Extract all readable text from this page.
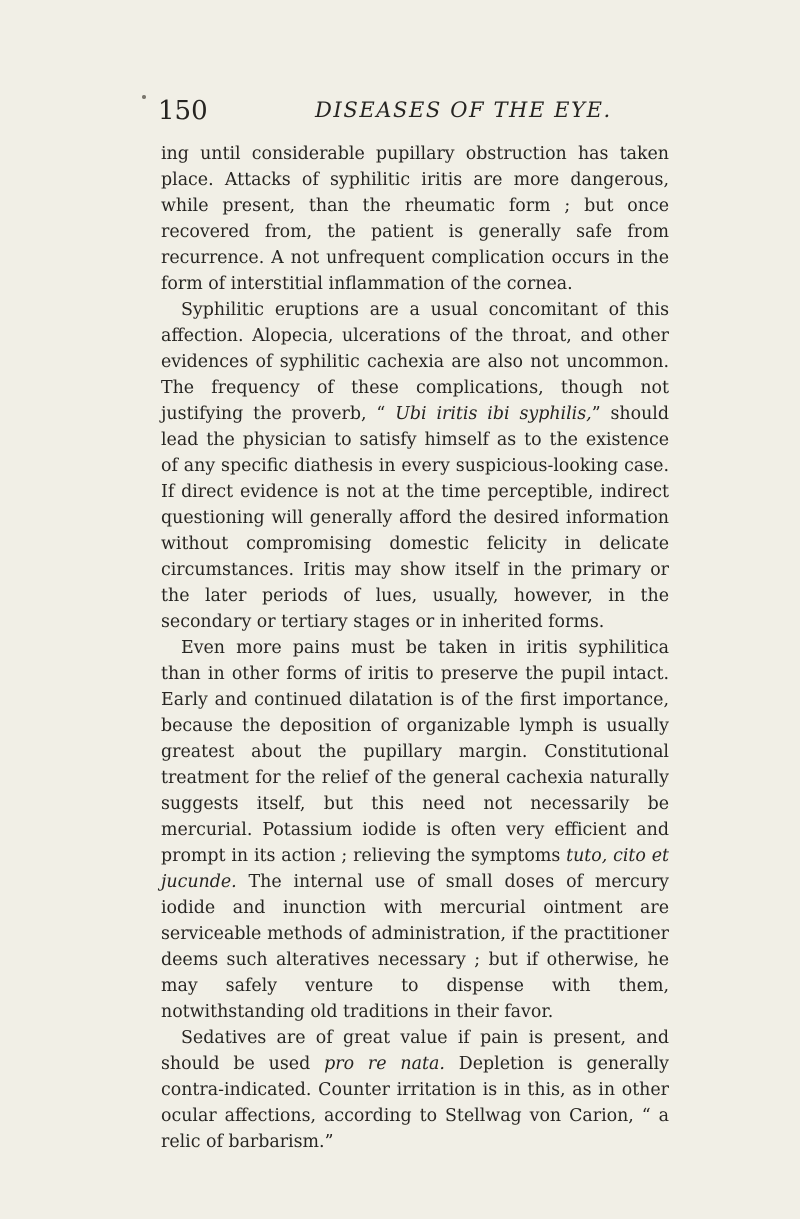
150	DISEASES OF THE EYE.

ing until considerable pupillary obstruction has taken place. Attacks of syphilitic iritis are more dangerous, while present, than the rheumatic form ; but once recovered from, the patient is generally safe from recurrence. A not unfrequent complication occurs in the form of interstitial inflammation of the cornea.

Syphilitic eruptions are a usual concomitant of this affection. Alopecia, ulcerations of the throat, and other evidences of syphilitic cachexia are also not uncommon. The frequency of these complications, though not justifying the proverb, “ Ubi iritis ibi syphilis,” should lead the physician to satisfy himself as to the existence of any specific diathesis in every suspicious-looking case. If direct evidence is not at the time perceptible, indirect questioning will generally afford the desired information without compromising domestic felicity in delicate circumstances. Iritis may show itself in the primary or the later periods of lues, usually, however, in the secondary or tertiary stages or in inherited forms.

Even more pains must be taken in iritis syphilitica than in other forms of iritis to preserve the pupil intact. Early and continued dilatation is of the first importance, because the deposition of organizable lymph is usually greatest about the pupillary margin. Constitutional treatment for the relief of the general cachexia naturally suggests itself, but this need not necessarily be mercurial. Potassium iodide is often very efficient and prompt in its action ; relieving the symptoms tuto, cito et jucunde. The internal use of small doses of mercury iodide and inunction with mercurial ointment are serviceable methods of administration, if the practitioner deems such alteratives necessary ; but if otherwise, he may safely venture to dispense with them, notwithstanding old traditions in their favor.

Sedatives are of great value if pain is present, and should be used pro re nata. Depletion is generally contra-indicated. Counter irritation is in this, as in other ocular affections, according to Stellwag von Carion, “ a relic of barbarism.”
